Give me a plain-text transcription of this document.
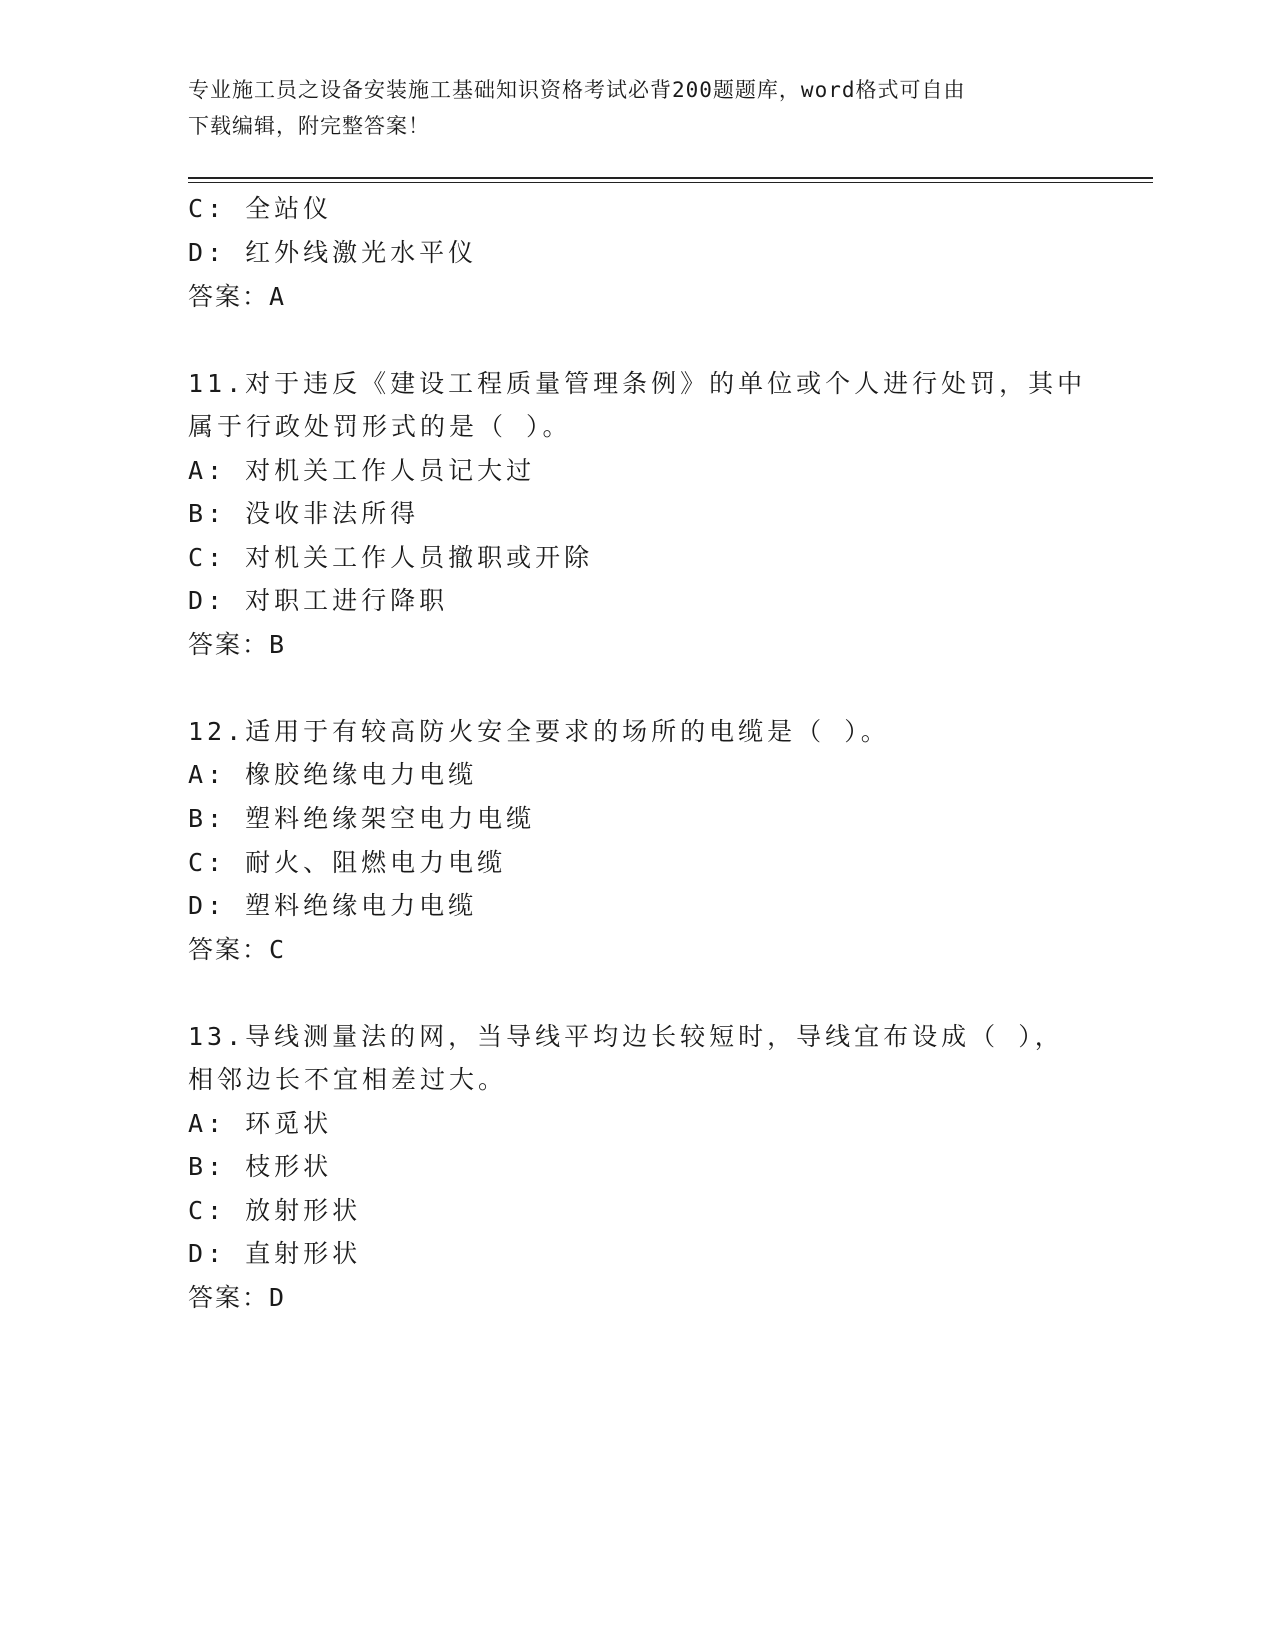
专业施工员之设备安装施工基础知识资格考试必背200题题库，word格式可自由
下载编辑，附完整答案！
C: 全站仪
D: 红外线激光水平仪
答案：A
11.对于违反《建设工程质量管理条例》的单位或个人进行处罚，其中
属于行政处罚形式的是（ ）。
A: 对机关工作人员记大过
B: 没收非法所得
C: 对机关工作人员撤职或开除
D: 对职工进行降职
答案：B
12.适用于有较高防火安全要求的场所的电缆是（ ）。
A: 橡胶绝缘电力电缆
B: 塑料绝缘架空电力电缆
C: 耐火、阻燃电力电缆
D: 塑料绝缘电力电缆
答案：C
13.导线测量法的网，当导线平均边长较短时，导线宜布设成（ ），
相邻边长不宜相差过大。
A: 环觅状
B: 枝形状
C: 放射形状
D: 直射形状
答案：D
